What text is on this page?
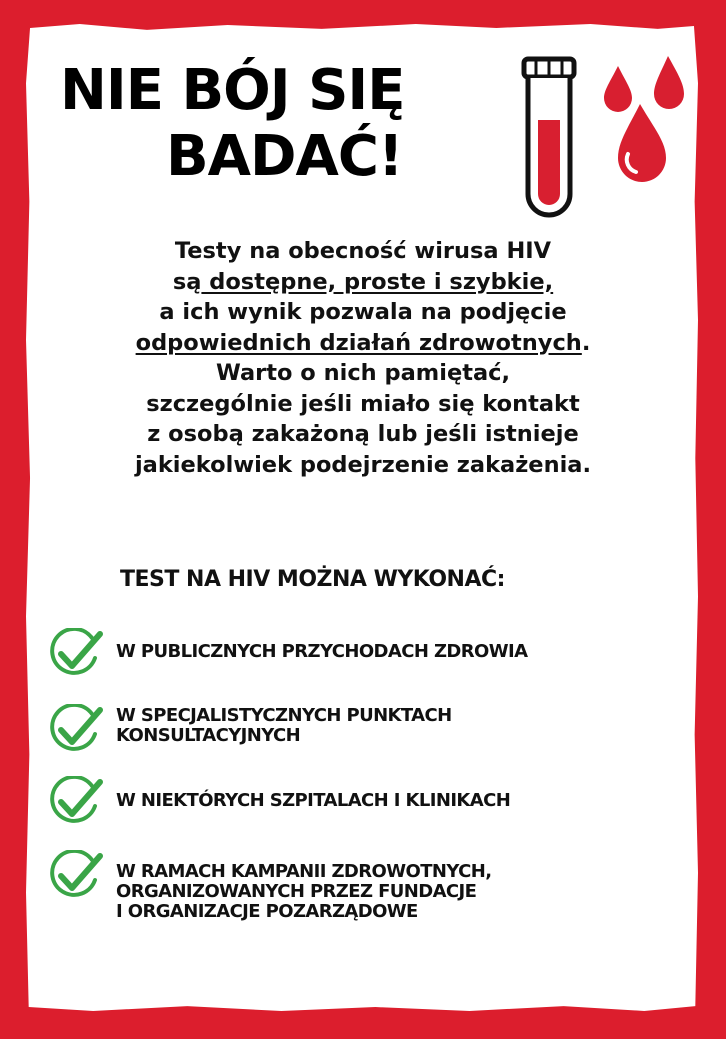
NIE BÓJ SIĘ
BADAĆ!
Testy na obecność wirusa HIV
są dostępne, proste i szybkie,
a ich wynik pozwala na podjęcie
odpowiednich działań zdrowotnych.
Warto o nich pamiętać,
szczególnie jeśli miało się kontakt
z osobą zakażoną lub jeśli istnieje
jakiekolwiek podejrzenie zakażenia.
TEST NA HIV MOŻNA WYKONAĆ:
W PUBLICZNYCH PRZYCHODACH ZDROWIA
W SPECJALISTYCZNYCH PUNKTACH
KONSULTACYJNYCH
W NIEKTÓRYCH SZPITALACH I KLINIKACH
W RAMACH KAMPANII ZDROWOTNYCH,
ORGANIZOWANYCH PRZEZ FUNDACJE
I ORGANIZACJE POZARZĄDOWE
